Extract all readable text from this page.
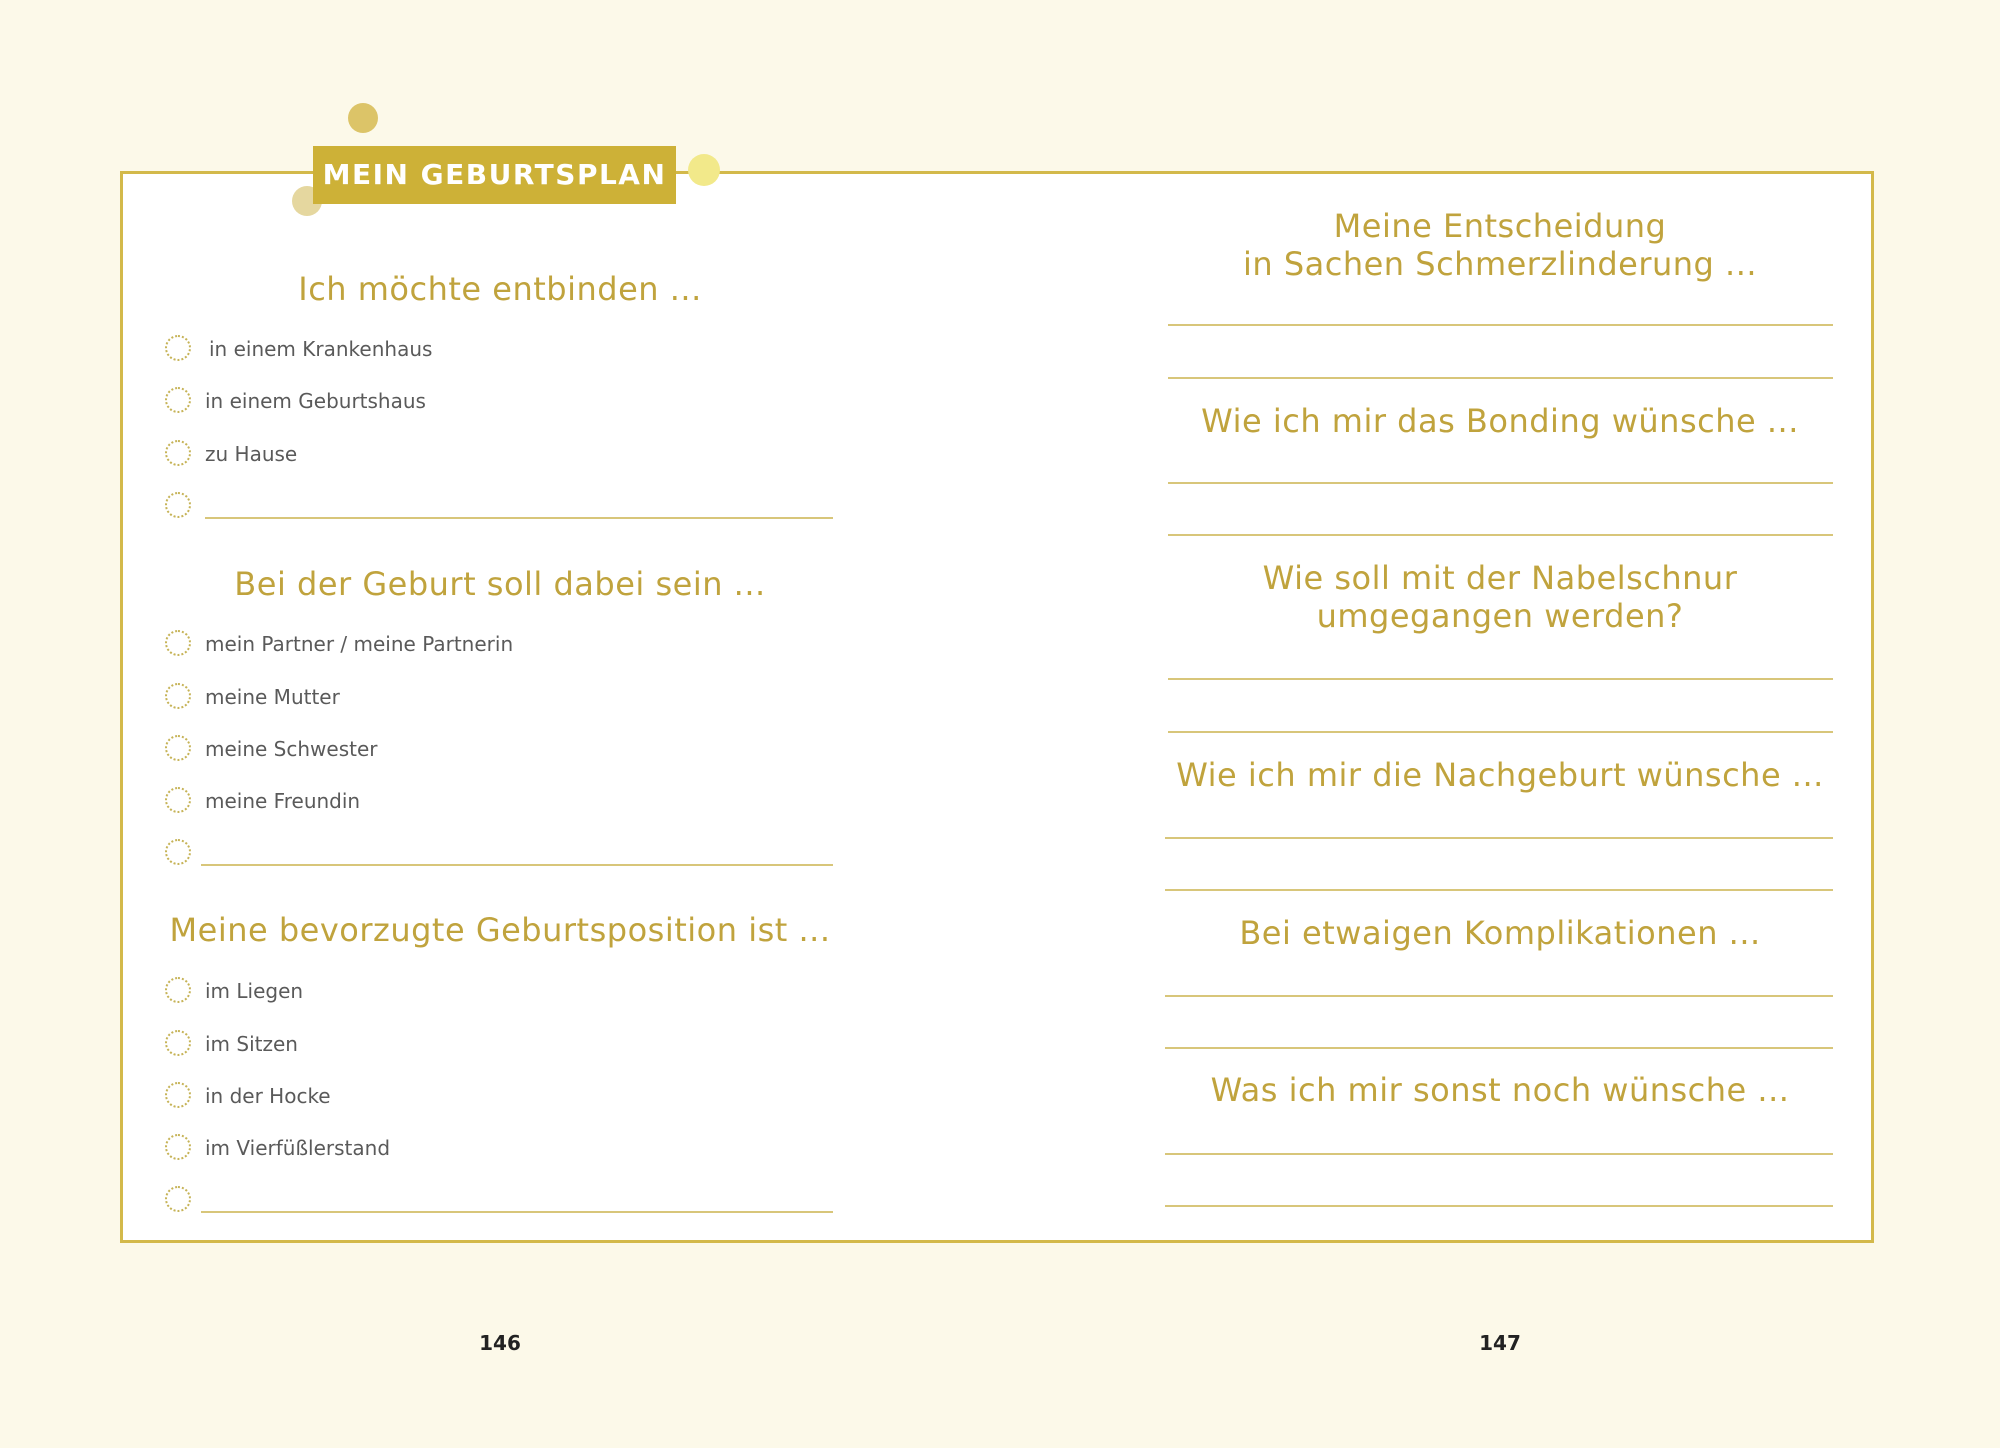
MEIN GEBURTSPLAN
Ich möchte entbinden ...
in einem Krankenhaus
in einem Geburtshaus
zu Hause
Bei der Geburt soll dabei sein ...
mein Partner / meine Partnerin
meine Mutter
meine Schwester
meine Freundin
Meine bevorzugte Geburtsposition ist ...
im Liegen
im Sitzen
in der Hocke
im Vierfüßlerstand
Meine Entscheidung
in Sachen Schmerzlinderung ...
Wie ich mir das Bonding wünsche ...
Wie soll mit der Nabelschnur
umgegangen werden?
Wie ich mir die Nachgeburt wünsche ...
Bei etwaigen Komplikationen ...
Was ich mir sonst noch wünsche ...
146	147
